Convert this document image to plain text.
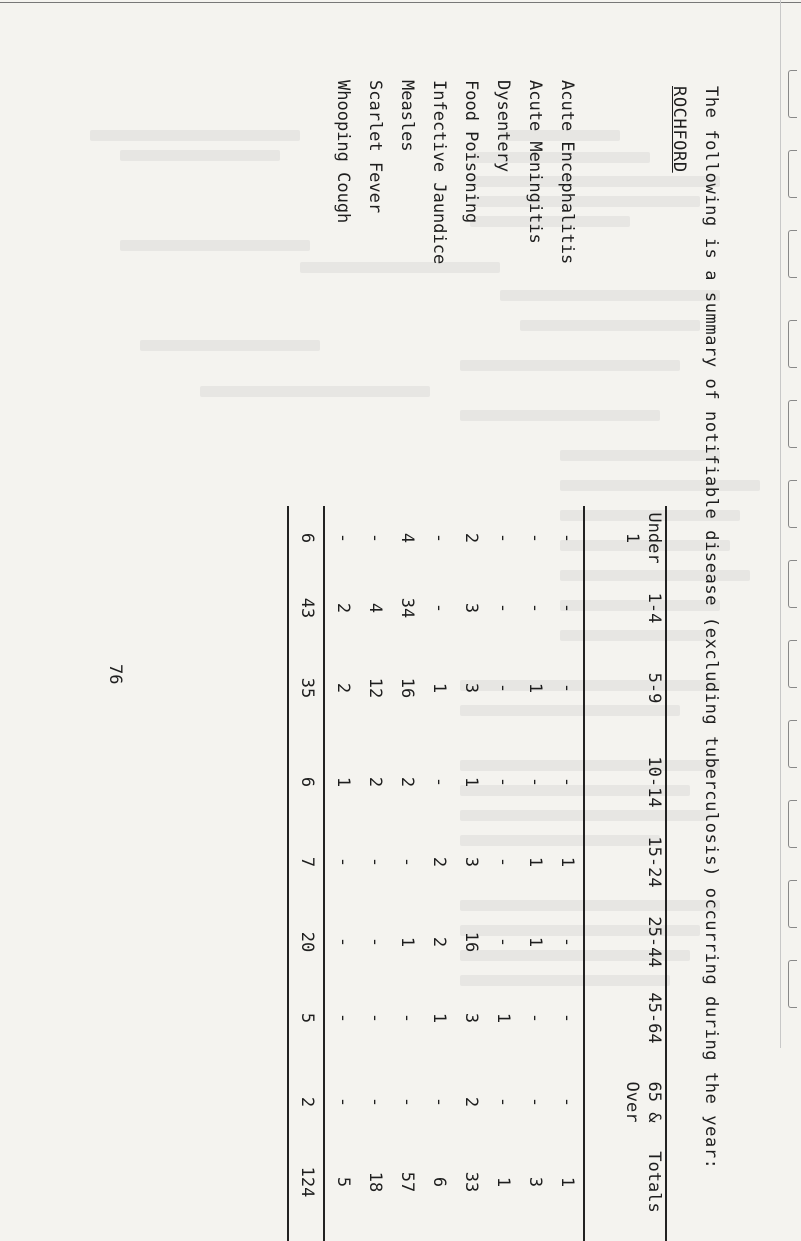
The following is a summary of notifiable disease (excluding tuberculosis) occurring during the year:
ROCHFORD
Under
1
1-4
5-9
10-14
15-24
25-44
45-64
65 &
Over
Totals
Acute Encephalitis
-
-
-
-
1
-
-
-
1
Acute Meningitis
-
-
1
-
1
1
-
-
3
Dysentery
-
-
-
-
-
-
1
-
1
Food Poisoning
2
3
3
1
3
16
3
2
33
Infective Jaundice
-
-
1
-
2
2
1
-
6
Measles
4
34
16
2
-
1
-
-
57
Scarlet Fever
-
4
12
2
-
-
-
-
18
Whooping Cough
-
2
2
1
-
-
-
-
5
6
43
35
6
7
20
5
2
124
76
